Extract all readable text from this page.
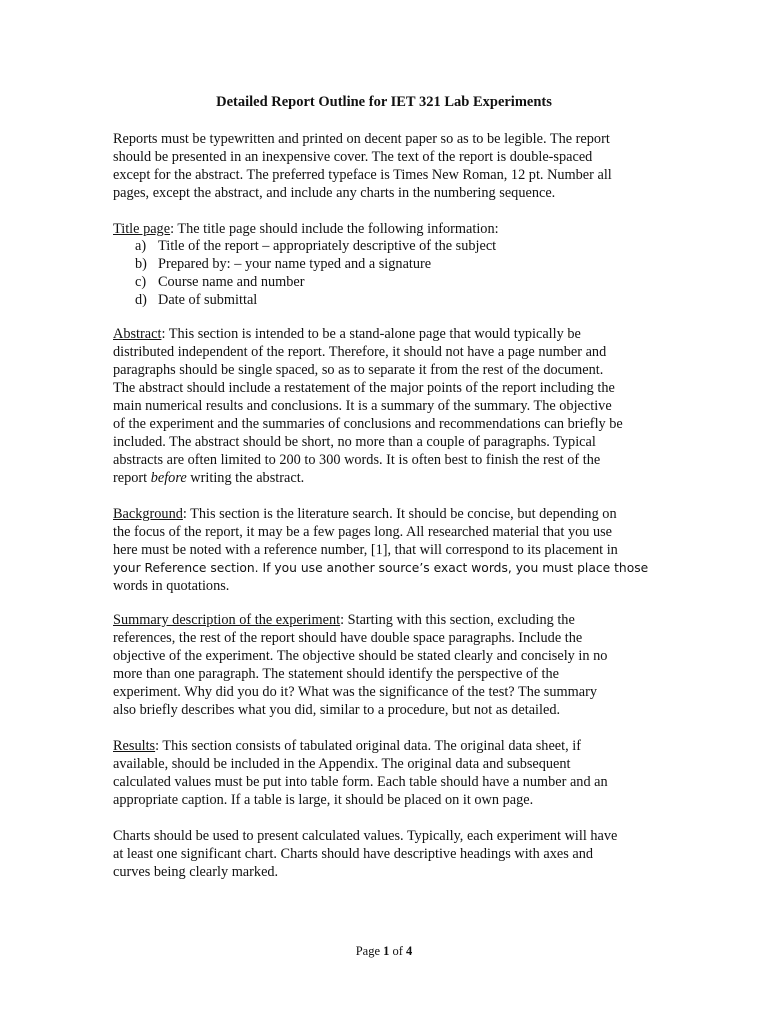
Detailed Report Outline for IET 321 Lab Experiments
Reports must be typewritten and printed on decent paper so as to be legible. The report
should be presented in an inexpensive cover. The text of the report is double-spaced
except for the abstract. The preferred typeface is Times New Roman, 12 pt. Number all
pages, except the abstract, and include any charts in the numbering sequence.
Title page: The title page should include the following information:
a) Title of the report – appropriately descriptive of the subject
b) Prepared by: – your name typed and a signature
c) Course name and number
d) Date of submittal
Abstract: This section is intended to be a stand-alone page that would typically be
distributed independent of the report. Therefore, it should not have a page number and
paragraphs should be single spaced, so as to separate it from the rest of the document.
The abstract should include a restatement of the major points of the report including the
main numerical results and conclusions. It is a summary of the summary. The objective
of the experiment and the summaries of conclusions and recommendations can briefly be
included. The abstract should be short, no more than a couple of paragraphs. Typical
abstracts are often limited to 200 to 300 words. It is often best to finish the rest of the
report before writing the abstract.
Background: This section is the literature search. It should be concise, but depending on
the focus of the report, it may be a few pages long. All researched material that you use
here must be noted with a reference number, [1], that will correspond to its placement in
your Reference section. If you use another source’s exact words, you must place those
words in quotations.
Summary description of the experiment: Starting with this section, excluding the
references, the rest of the report should have double space paragraphs. Include the
objective of the experiment. The objective should be stated clearly and concisely in no
more than one paragraph. The statement should identify the perspective of the
experiment. Why did you do it? What was the significance of the test? The summary
also briefly describes what you did, similar to a procedure, but not as detailed.
Results: This section consists of tabulated original data. The original data sheet, if
available, should be included in the Appendix. The original data and subsequent
calculated values must be put into table form. Each table should have a number and an
appropriate caption. If a table is large, it should be placed on it own page.
Charts should be used to present calculated values. Typically, each experiment will have
at least one significant chart. Charts should have descriptive headings with axes and
curves being clearly marked.
Page 1 of 4
